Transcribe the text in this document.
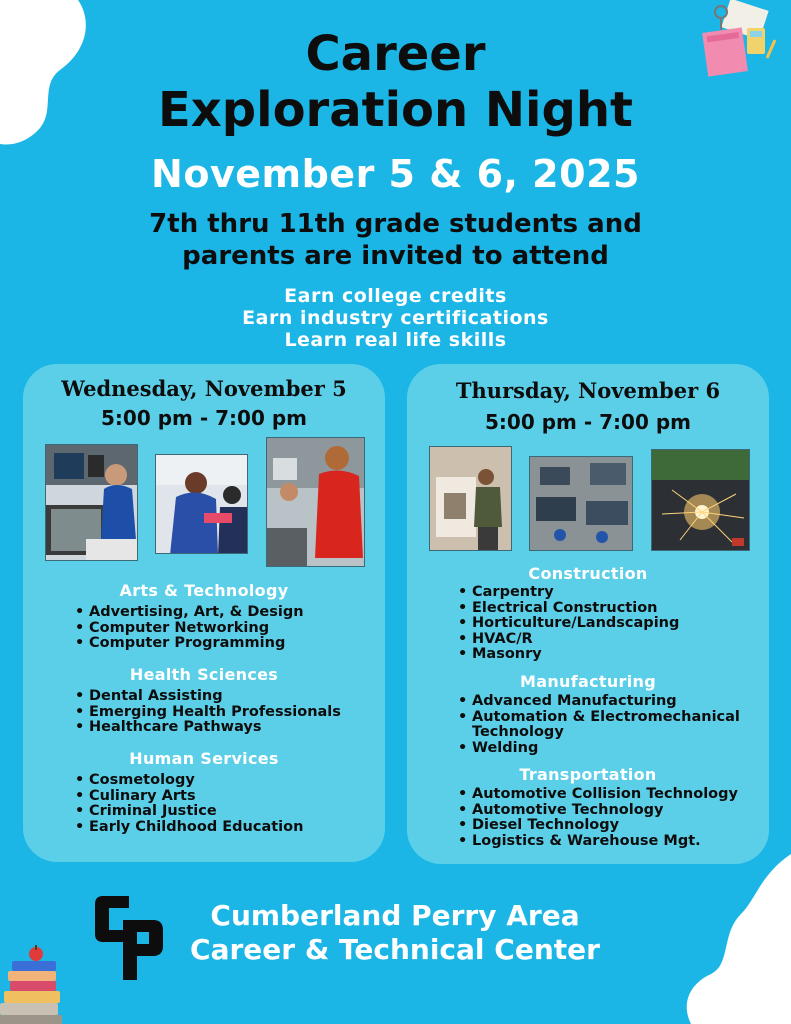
Career
Exploration Night
November 5 & 6, 2025
7th thru 11th grade students and
parents are invited to attend
Earn college credits
Earn industry certifications
Learn real life skills
Wednesday, November 5
5:00 pm - 7:00 pm
Arts & Technology
• Advertising, Art, & Design
• Computer Networking
• Computer Programming
Health Sciences
• Dental Assisting
• Emerging Health Professionals
• Healthcare Pathways
Human Services
• Cosmetology
• Culinary Arts
• Criminal Justice
• Early Childhood Education
Thursday, November 6
5:00 pm - 7:00 pm
Construction
• Carpentry
• Electrical Construction
• Horticulture/Landscaping
• HVAC/R
• Masonry
Manufacturing
• Advanced Manufacturing
• Automation & Electromechanical Technology
• Welding
Transportation
• Automotive Collision Technology
• Automotive Technology
• Diesel Technology
• Logistics & Warehouse Mgt.
Cumberland Perry Area
Career & Technical Center
